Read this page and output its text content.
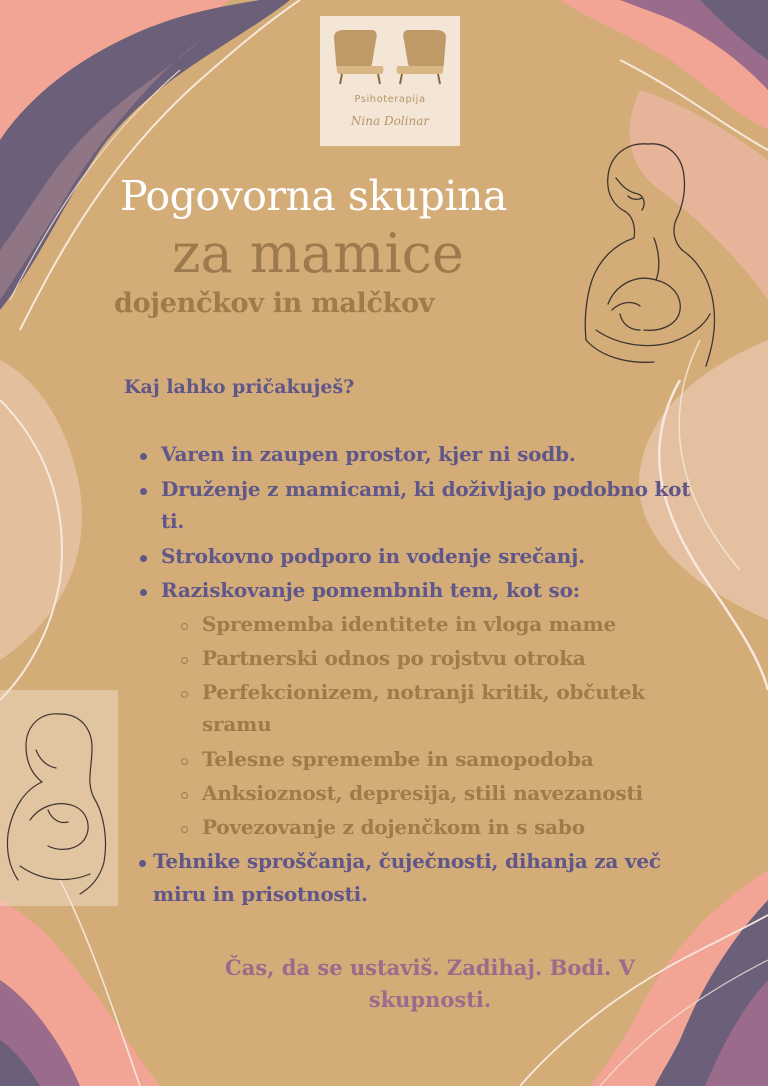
Psihoterapija
Nina Dolinar
Pogovorna skupina
za mamice
dojenčkov in malčkov
Kaj lahko pričakuješ?
Varen in zaupen prostor, kjer ni sodb.
Druženje z mamicami, ki doživljajo podobno kot
ti.
Strokovno podporo in vodenje srečanj.
Raziskovanje pomembnih tem, kot so:
Sprememba identitete in vloga mame
Partnerski odnos po rojstvu otroka
Perfekcionizem, notranji kritik, občutek
sramu
Telesne spremembe in samopodoba
Anksioznost, depresija, stili navezanosti
Povezovanje z dojenčkom in s sabo
Tehnike sproščanja, čuječnosti, dihanja za več
miru in prisotnosti.
Čas, da se ustaviš. Zadihaj. Bodi. V
skupnosti.
